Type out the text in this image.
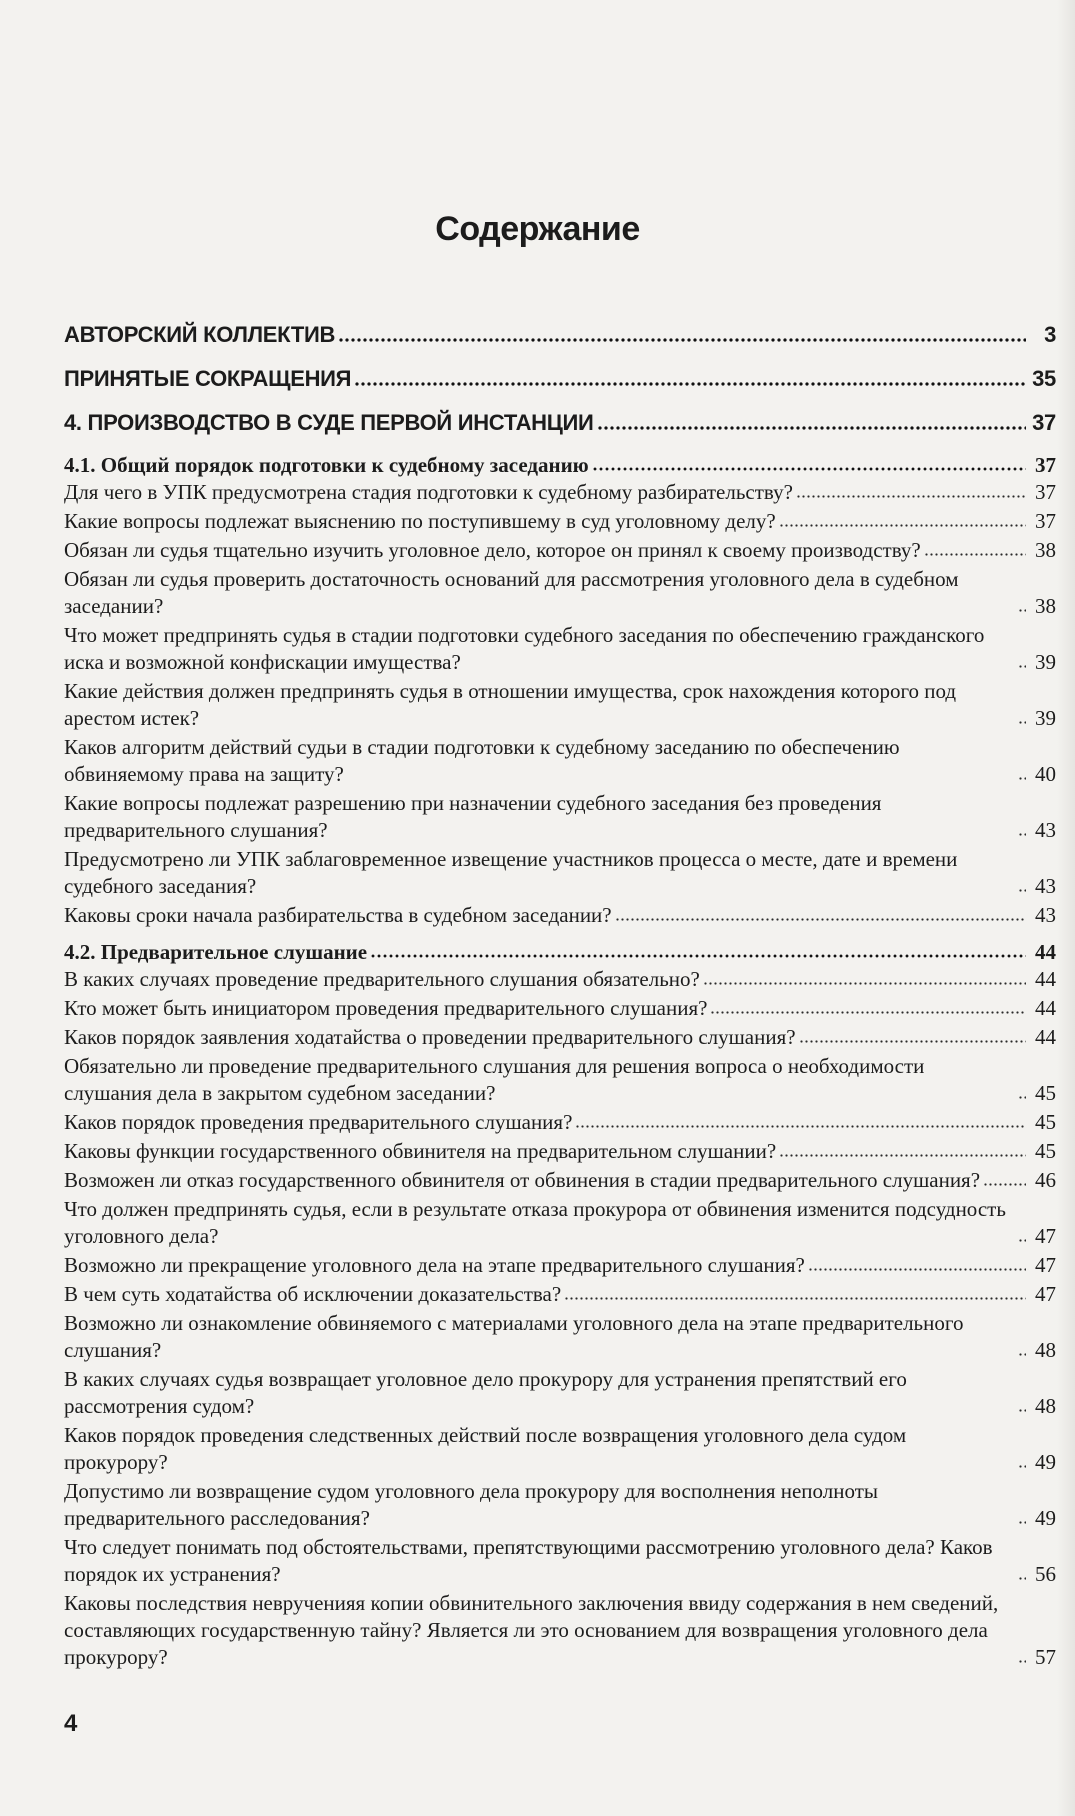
Содержание
АВТОРСКИЙ КОЛЛЕКТИВ	3
ПРИНЯТЫЕ СОКРАЩЕНИЯ	35
4. ПРОИЗВОДСТВО В СУДЕ ПЕРВОЙ ИНСТАНЦИИ	37
4.1. Общий порядок подготовки к судебному заседанию	37
Для чего в УПК предусмотрена стадия подготовки к судебному разбирательству?	37
Какие вопросы подлежат выяснению по поступившему в суд уголовному делу?	37
Обязан ли судья тщательно изучить уголовное дело, которое он принял к своему производству?	38
Обязан ли судья проверить достаточность оснований для рассмотрения уголовного дела в судебном заседании?	38
Что может предпринять судья в стадии подготовки судебного заседания по обеспечению гражданского иска и возможной конфискации имущества?	39
Какие действия должен предпринять судья в отношении имущества, срок нахождения которого под арестом истек?	39
Каков алгоритм действий судьи в стадии подготовки к судебному заседанию по обеспечению обвиняемому права на защиту?	40
Какие вопросы подлежат разрешению при назначении судебного заседания без проведения предварительного слушания?	43
Предусмотрено ли УПК заблаговременное извещение участников процесса о месте, дате и времени судебного заседания?	43
Каковы сроки начала разбирательства в судебном заседании?	43
4.2. Предварительное слушание	44
В каких случаях проведение предварительного слушания обязательно?	44
Кто может быть инициатором проведения предварительного слушания?	44
Каков порядок заявления ходатайства о проведении предварительного слушания?	44
Обязательно ли проведение предварительного слушания для решения вопроса о необходимости слушания дела в закрытом судебном заседании?	45
Каков порядок проведения предварительного слушания?	45
Каковы функции государственного обвинителя на предварительном слушании?	45
Возможен ли отказ государственного обвинителя от обвинения в стадии предварительного слушания?	46
Что должен предпринять судья, если в результате отказа прокурора от обвинения изменится подсудность уголовного дела?	47
Возможно ли прекращение уголовного дела на этапе предварительного слушания?	47
В чем суть ходатайства об исключении доказательства?	47
Возможно ли ознакомление обвиняемого с материалами уголовного дела на этапе предварительного слушания?	48
В каких случаях судья возвращает уголовное дело прокурору для устранения препятствий его рассмотрения судом?	48
Каков порядок проведения следственных действий после возвращения уголовного дела судом прокурору?	49
Допустимо ли возвращение судом уголовного дела прокурору для восполнения неполноты предварительного расследования?	49
Что следует понимать под обстоятельствами, препятствующими рассмотрению уголовного дела? Каков порядок их устранения?	56
Каковы последствия неврученияя копии обвинительного заключения ввиду содержания в нем сведений, составляющих государственную тайну? Является ли это основанием для возвращения уголовного дела прокурору?	57
4
